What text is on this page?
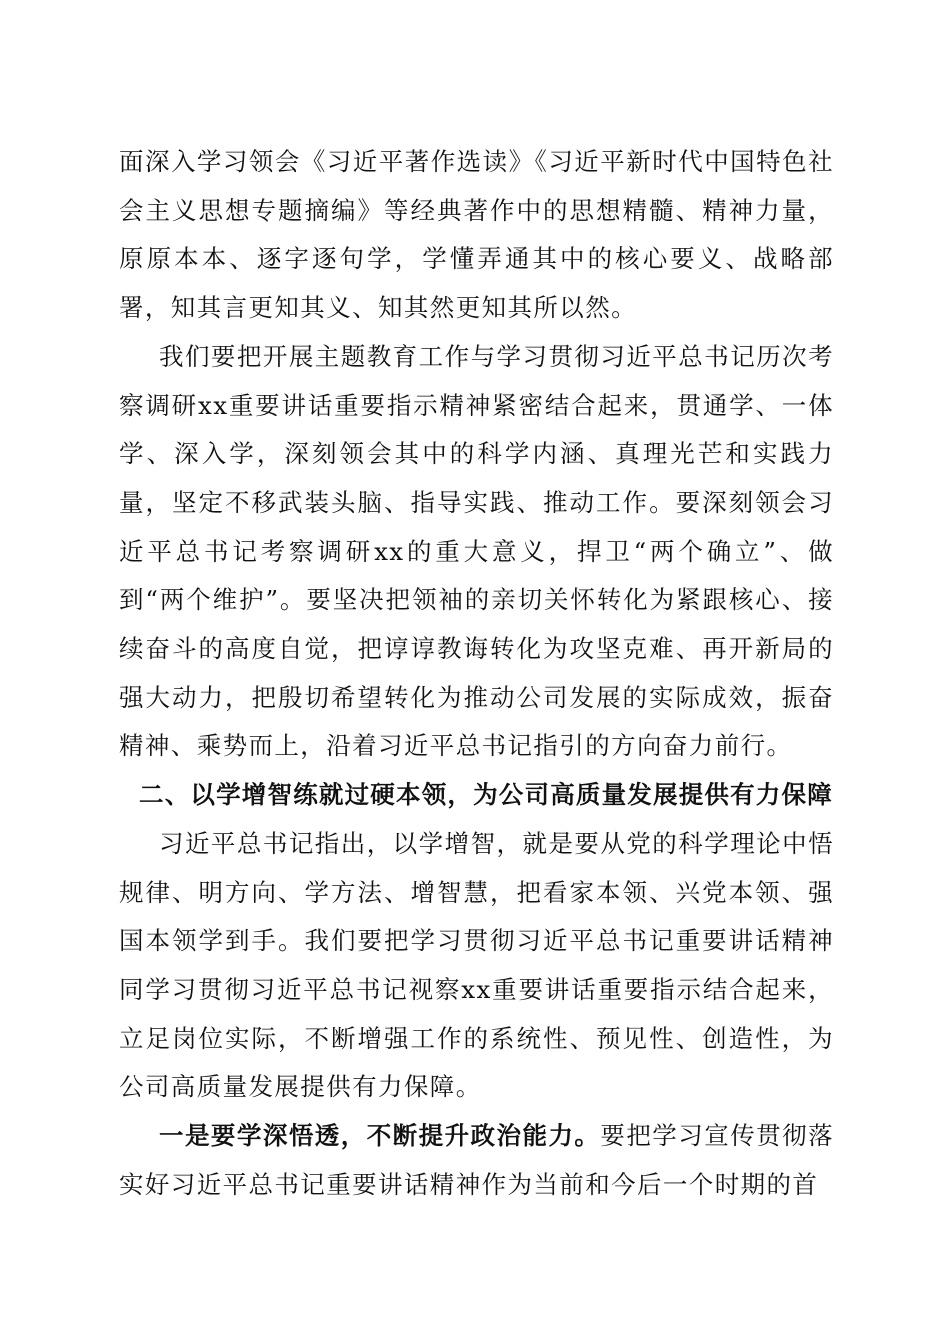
面深入学习领会《习近平著作选读》《习近平新时代中国特色社会主义思想专题摘编》等经典著作中的思想精髓、精神力量，原原本本、逐字逐句学，学懂弄通其中的核心要义、战略部署，知其言更知其义、知其然更知其所以然。

我们要把开展主题教育工作与学习贯彻习近平总书记历次考察调研xx重要讲话重要指示精神紧密结合起来，贯通学、一体学、深入学，深刻领会其中的科学内涵、真理光芒和实践力量，坚定不移武装头脑、指导实践、推动工作。要深刻领会习近平总书记考察调研xx的重大意义，捍卫“两个确立”、做到“两个维护”。要坚决把领袖的亲切关怀转化为紧跟核心、接续奋斗的高度自觉，把谆谆教诲转化为攻坚克难、再开新局的强大动力，把殷切希望转化为推动公司发展的实际成效，振奋精神、乘势而上，沿着习近平总书记指引的方向奋力前行。

二、以学增智练就过硬本领，为公司高质量发展提供有力保障

习近平总书记指出，以学增智，就是要从党的科学理论中悟规律、明方向、学方法、增智慧，把看家本领、兴党本领、强国本领学到手。我们要把学习贯彻习近平总书记重要讲话精神同学习贯彻习近平总书记视察xx重要讲话重要指示结合起来，立足岗位实际，不断增强工作的系统性、预见性、创造性，为公司高质量发展提供有力保障。

一是要学深悟透，不断提升政治能力。要把学习宣传贯彻落实好习近平总书记重要讲话精神作为当前和今后一个时期的首
